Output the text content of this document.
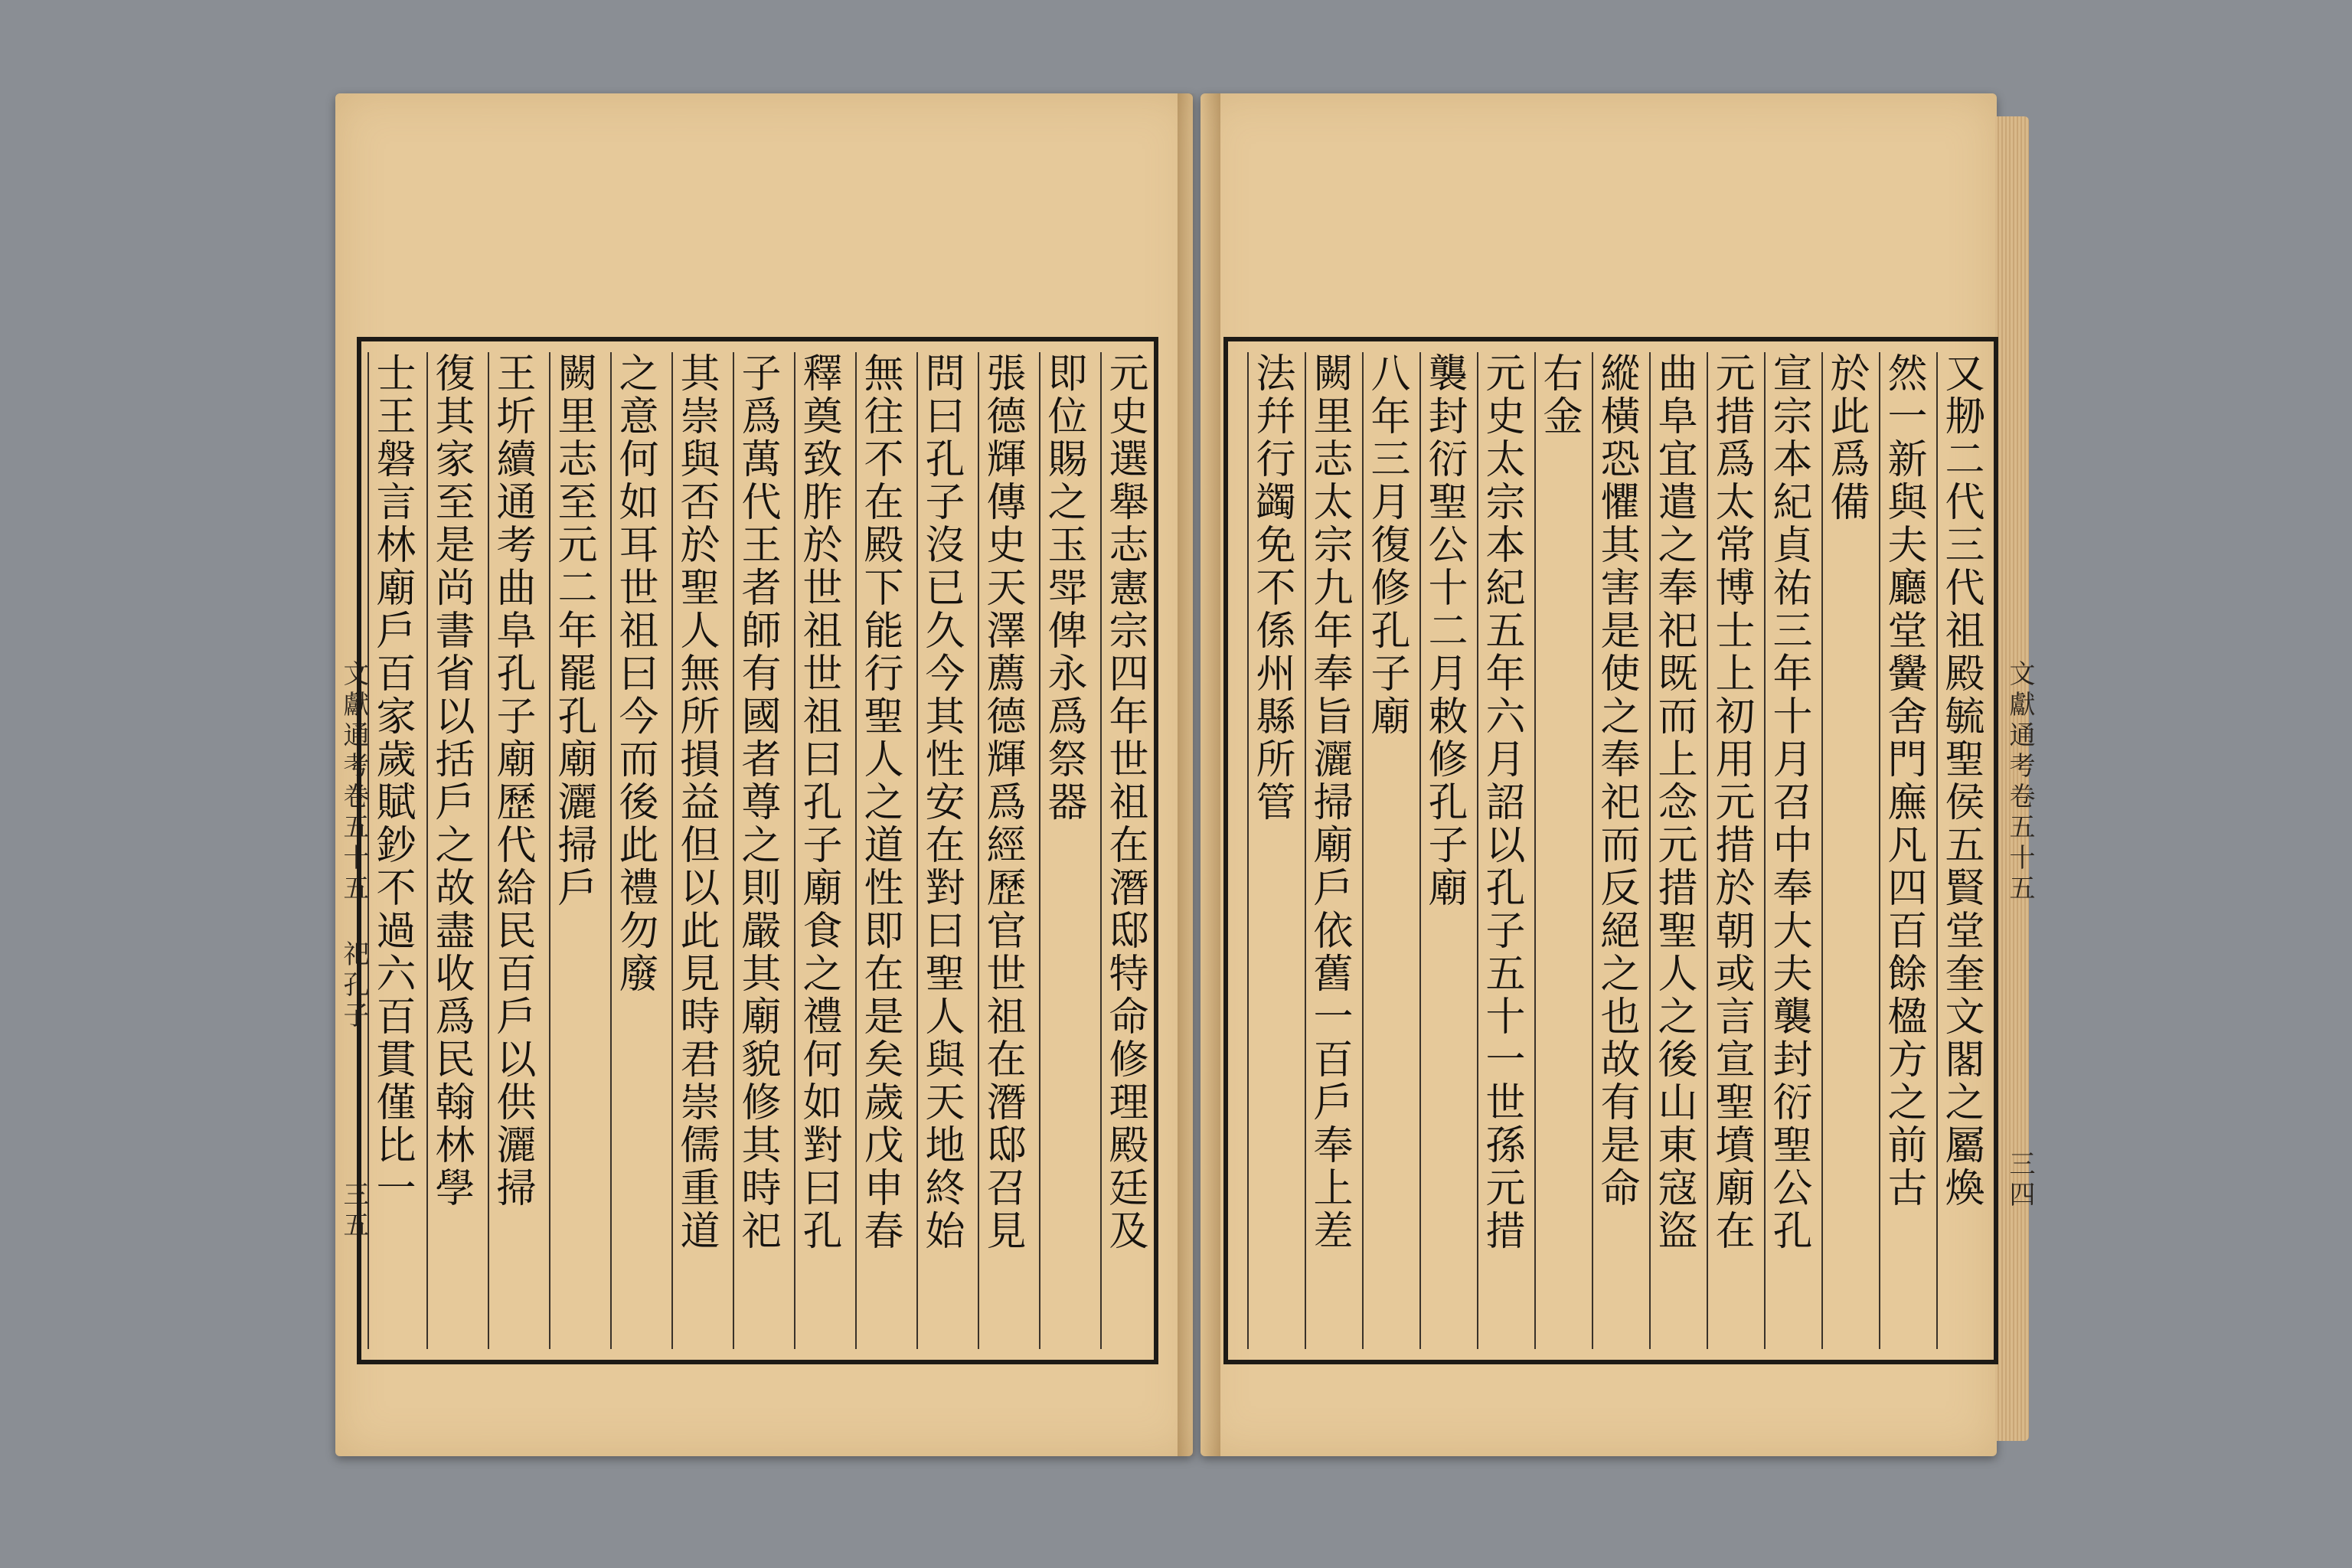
文獻通考卷五十五 祀孔子
三五
文獻通考卷五十五
三四
元史選舉志憲宗四年世祖在潛邸特命修理殿廷及
即位賜之玉斝俾永爲祭器
張德輝傳史天澤薦德輝爲經歷官世祖在潛邸召見
問曰孔子沒已久今其性安在對曰聖人與天地終始
無往不在殿下能行聖人之道性即在是矣歲戊申春
釋奠致胙於世祖世祖曰孔子廟食之禮何如對曰孔
子爲萬代王者師有國者尊之則嚴其廟貌修其時祀
其崇與否於聖人無所損益但以此見時君崇儒重道
之意何如耳世祖曰今而後此禮勿廢
闕里志至元二年罷孔廟灑掃戶
王圻續通考曲阜孔子廟歷代給民百戶以供灑掃
復其家至是尚書省以括戶之故盡收爲民翰林學
士王磐言林廟戶百家歲賦鈔不過六百貫僅比一	又刱二代三代祖殿毓聖侯五賢堂奎文閣之屬煥
然一新與夫廳堂黌舍門廡凡四百餘楹方之前古
於此爲備
宣宗本紀貞祐三年十月召中奉大夫襲封衍聖公孔
元措爲太常博士上初用元措於朝或言宣聖墳廟在
曲阜宜遣之奉祀既而上念元措聖人之後山東寇盜
縱橫恐懼其害是使之奉祀而反絕之也故有是命
右金
元史太宗本紀五年六月詔以孔子五十一世孫元措
襲封衍聖公十二月敕修孔子廟
八年三月復修孔子廟
闕里志太宗九年奉旨灑掃廟戶依舊一百戶奉上差
法幷行蠲免不係州縣所管
